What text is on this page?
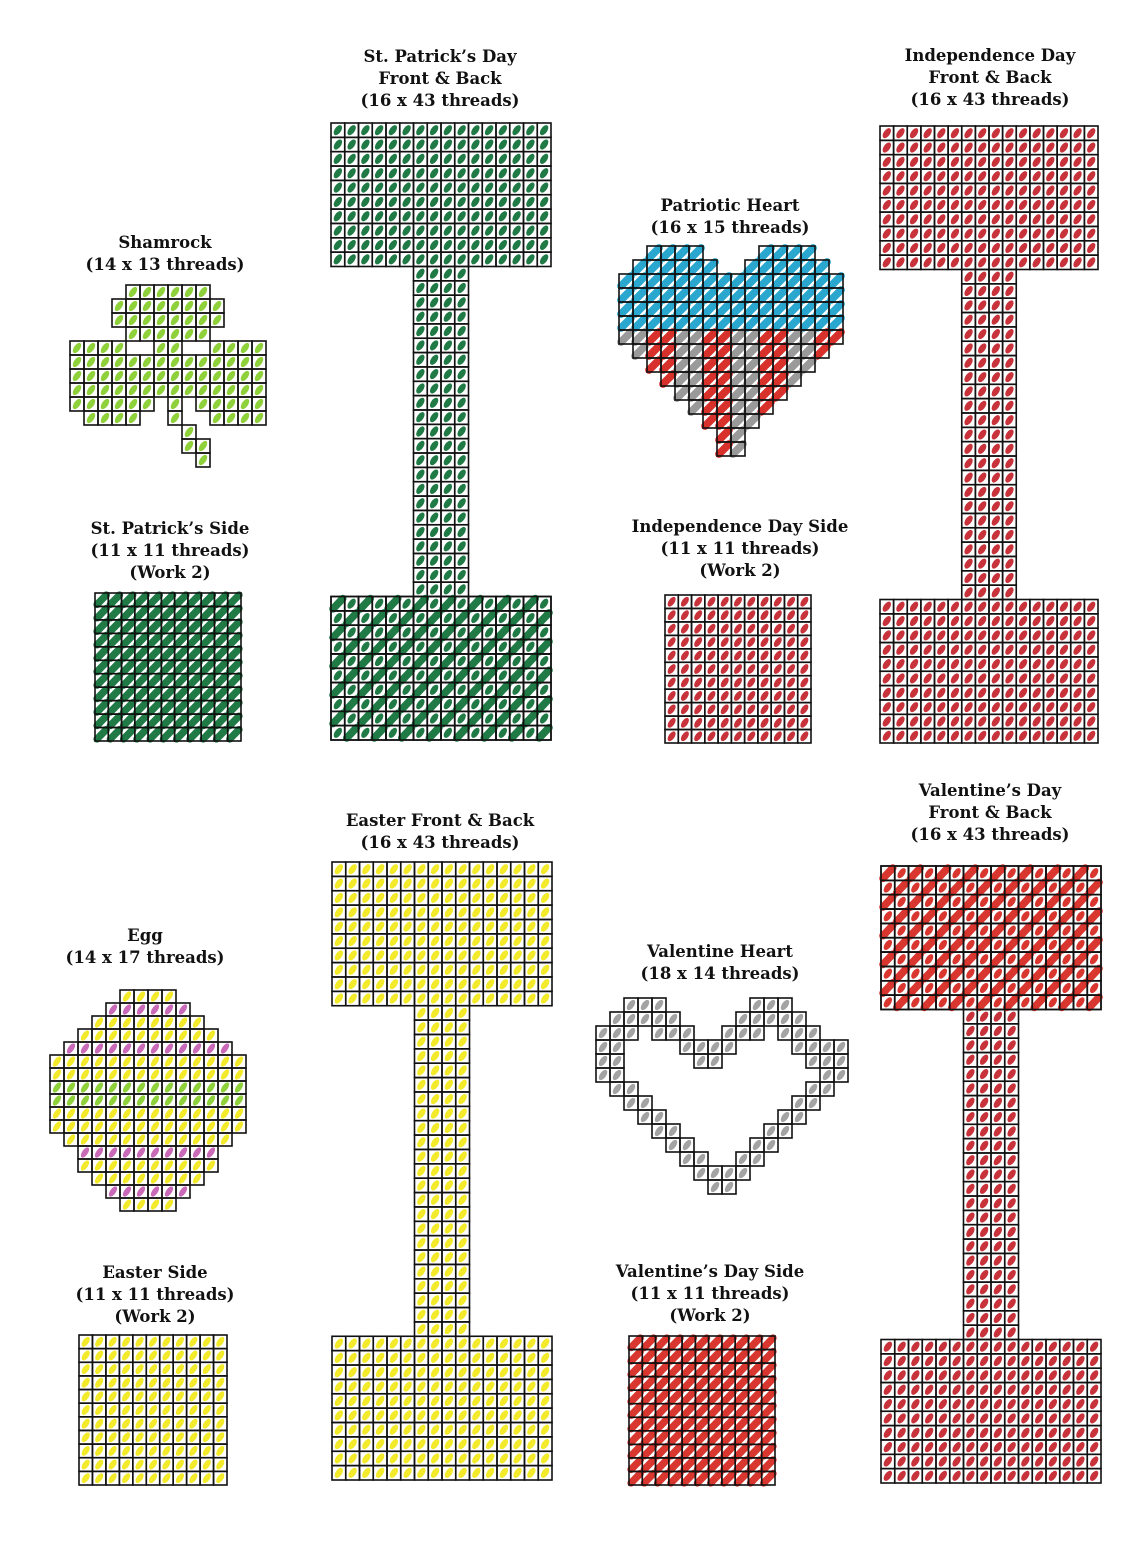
Shamrock
(14 x 13 threads)
St. Patrick’s Day
Front & Back
(16 x 43 threads)
St. Patrick’s Side
(11 x 11 threads)
(Work 2)
Patriotic Heart
(16 x 15 threads)
Independence Day
Front & Back
(16 x 43 threads)
Independence Day Side
(11 x 11 threads)
(Work 2)
Egg
(14 x 17 threads)
Easter Front & Back
(16 x 43 threads)
Easter Side
(11 x 11 threads)
(Work 2)
Valentine Heart
(18 x 14 threads)
Valentine’s Day
Front & Back
(16 x 43 threads)
Valentine’s Day Side
(11 x 11 threads)
(Work 2)
